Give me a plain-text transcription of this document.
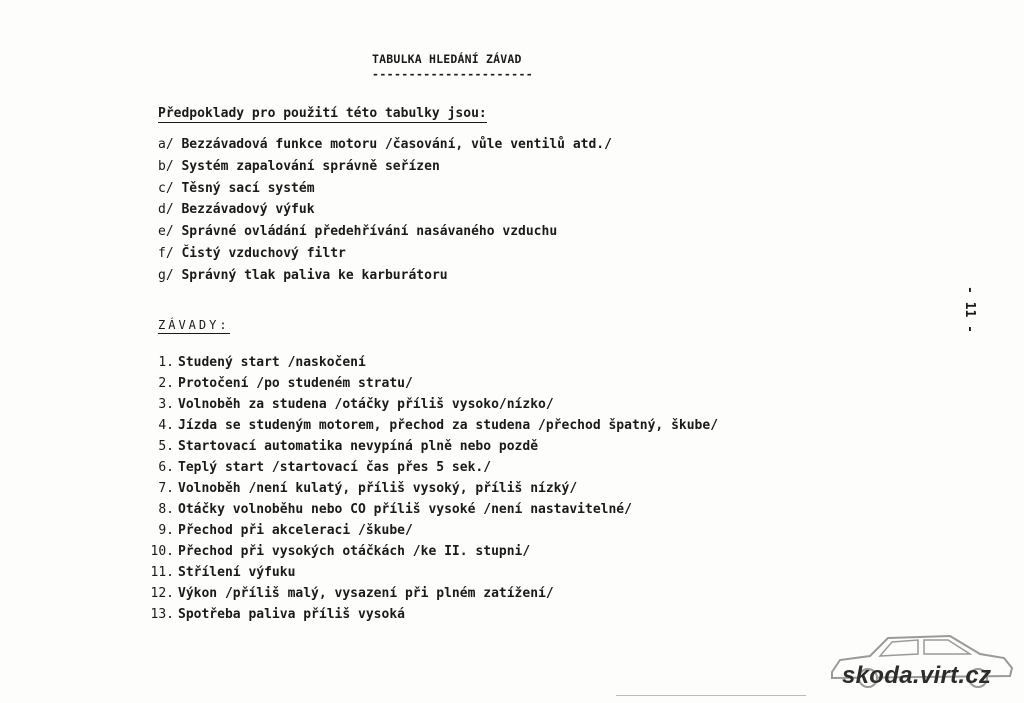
TABULKA HLEDÁNÍ ZÁVAD
----------------------
Předpoklady pro použití této tabulky jsou:
a/ Bezzávadová funkce motoru /časování, vůle ventilů atd./
b/ Systém zapalování správně seřízen
c/ Těsný sací systém
d/ Bezzávadový výfuk
e/ Správné ovládání předehřívání nasávaného vzduchu
f/ Čistý vzduchový filtr
g/ Správný tlak paliva ke karburátoru
ZÁVADY:
1. Studený start /naskočení
2. Protočení /po studeném stratu/
3. Volnoběh za studena /otáčky příliš vysoko/nízko/
4. Jízda se studeným motorem, přechod za studena /přechod špatný, škube/
5. Startovací automatika nevypíná plně nebo pozdě
6. Teplý start /startovací čas přes 5 sek./
7. Volnoběh /není kulatý, příliš vysoký, příliš nízký/
8. Otáčky volnoběhu nebo CO příliš vysoké /není nastavitelné/
9. Přechod při akceleraci /škube/
10. Přechod při vysokých otáčkách /ke II. stupni/
11. Střílení výfuku
12. Výkon /příliš malý, vysazení při plném zatížení/
13. Spotřeba paliva příliš vysoká
- 11 -
skoda.virt.cz
